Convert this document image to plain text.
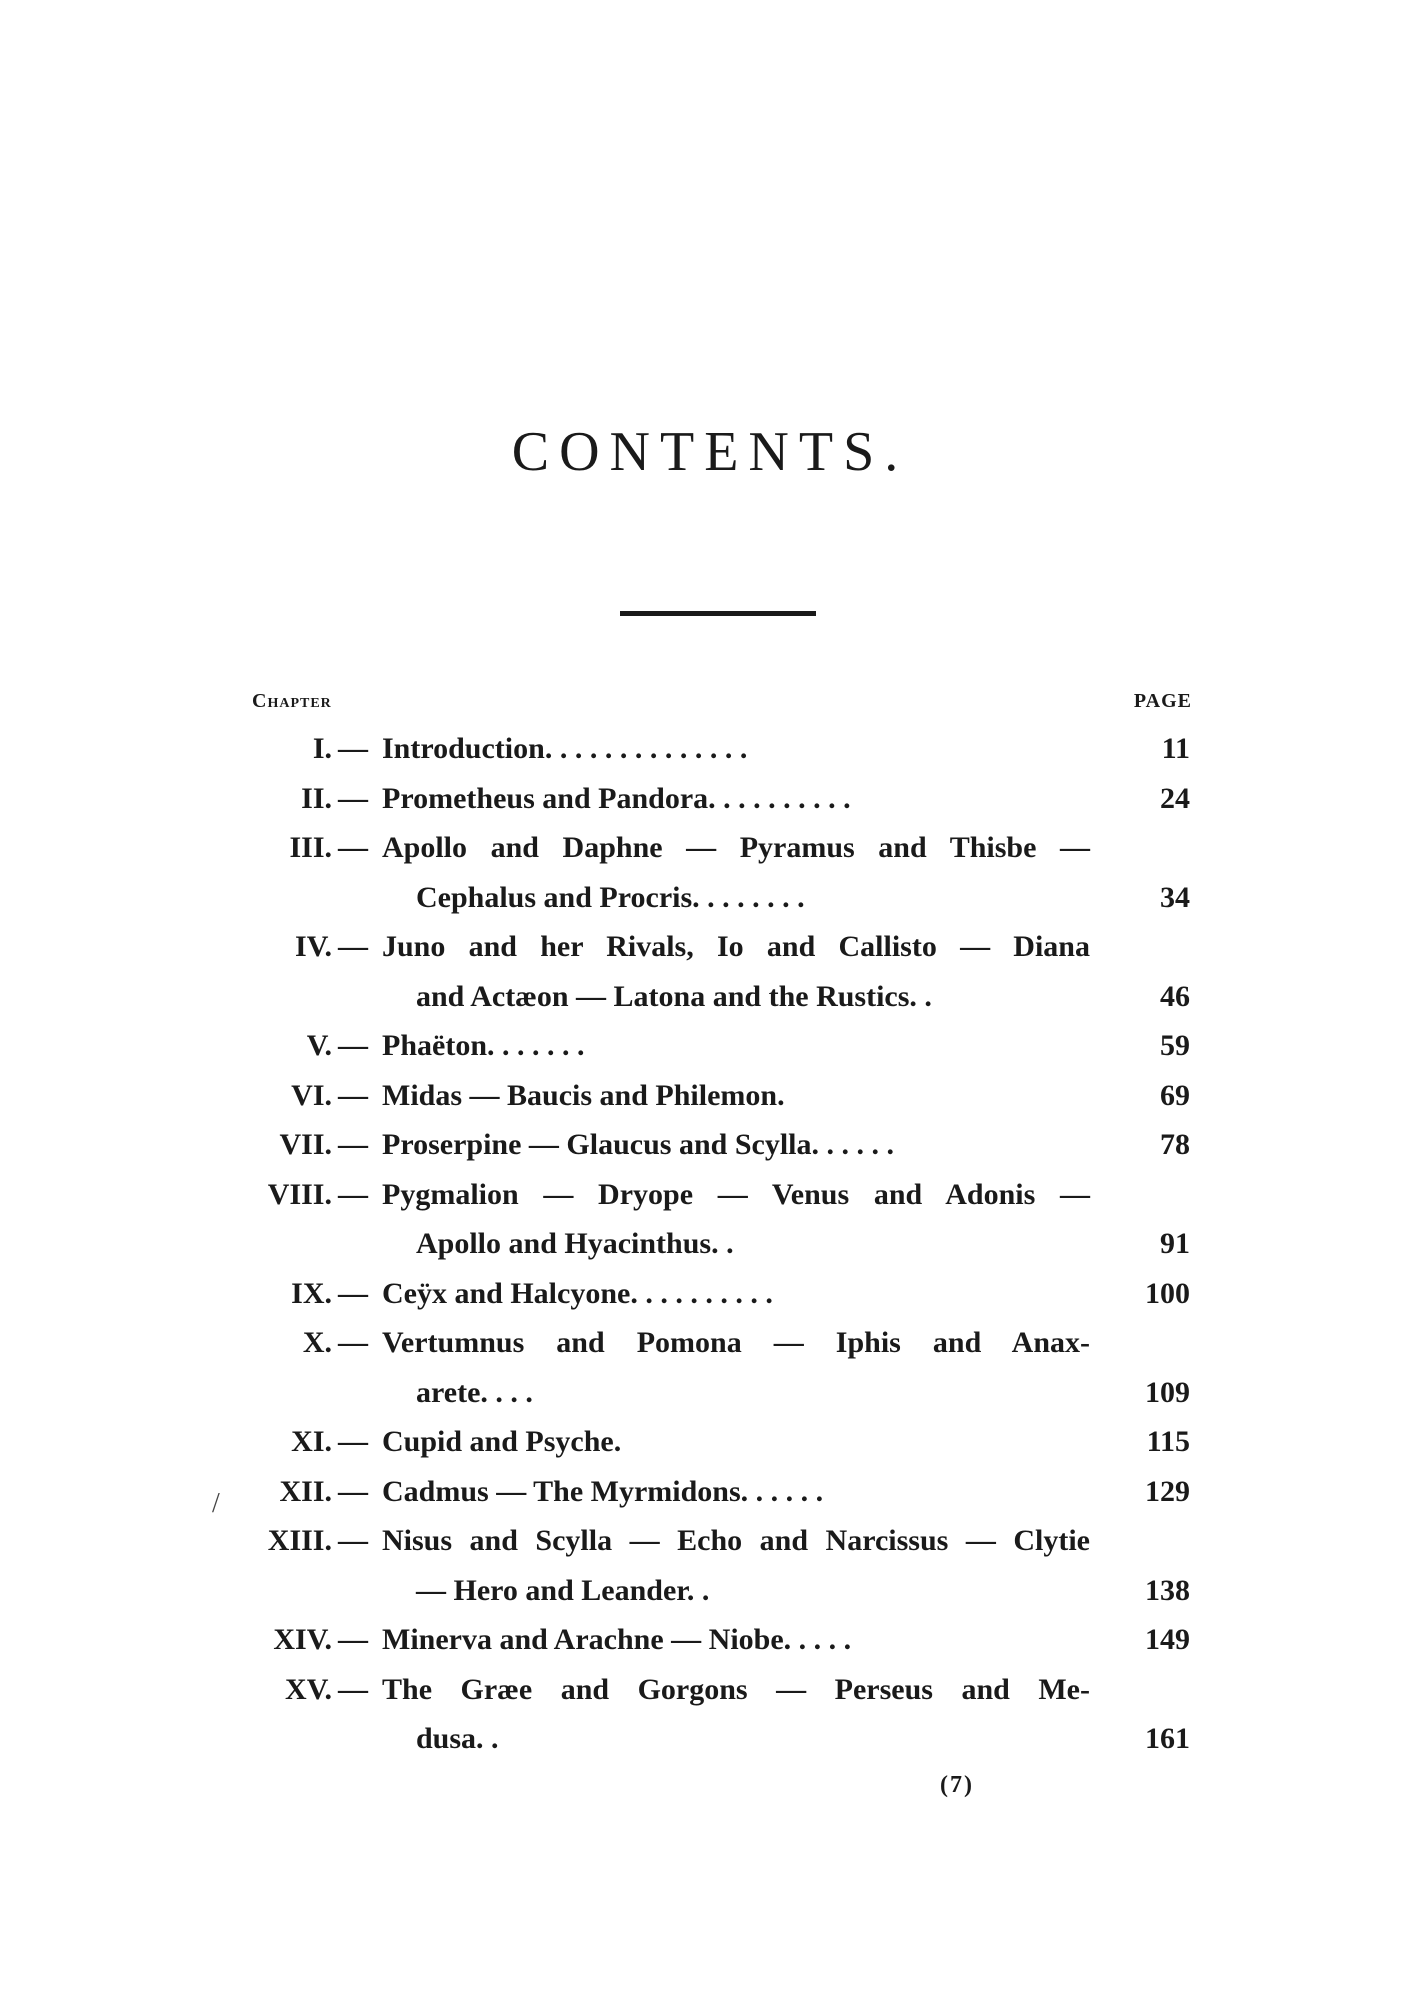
CONTENTS.
Chapter	PAGE
I. — Introduction. . . . . . . . . . . . . .	11
II. — Prometheus and Pandora. . . . . . . . . .	24
III. — Apollo and Daphne — Pyramus and Thisbe —
Cephalus and Procris. . . . . . . .	34
IV. — Juno and her Rivals, Io and Callisto — Diana
and Actæon — Latona and the Rustics. .	46
V. — Phaëton. . . . . . .	59
VI. — Midas — Baucis and Philemon.	69
VII. — Proserpine — Glaucus and Scylla. . . . . .	78
VIII. — Pygmalion — Dryope — Venus and Adonis —
Apollo and Hyacinthus. .	91
IX. — Ceÿx and Halcyone. . . . . . . . . .	100
X. — Vertumnus and Pomona — Iphis and Anax-
arete. . . .	109
XI. — Cupid and Psyche.	115
XII. — Cadmus — The Myrmidons. . . . . .	129
XIII. — Nisus and Scylla — Echo and Narcissus — Clytie
— Hero and Leander. .	138
XIV. — Minerva and Arachne — Niobe. . . . .	149
XV. — The Græe and Gorgons — Perseus and Me-
dusa. .	161
/
(7)
